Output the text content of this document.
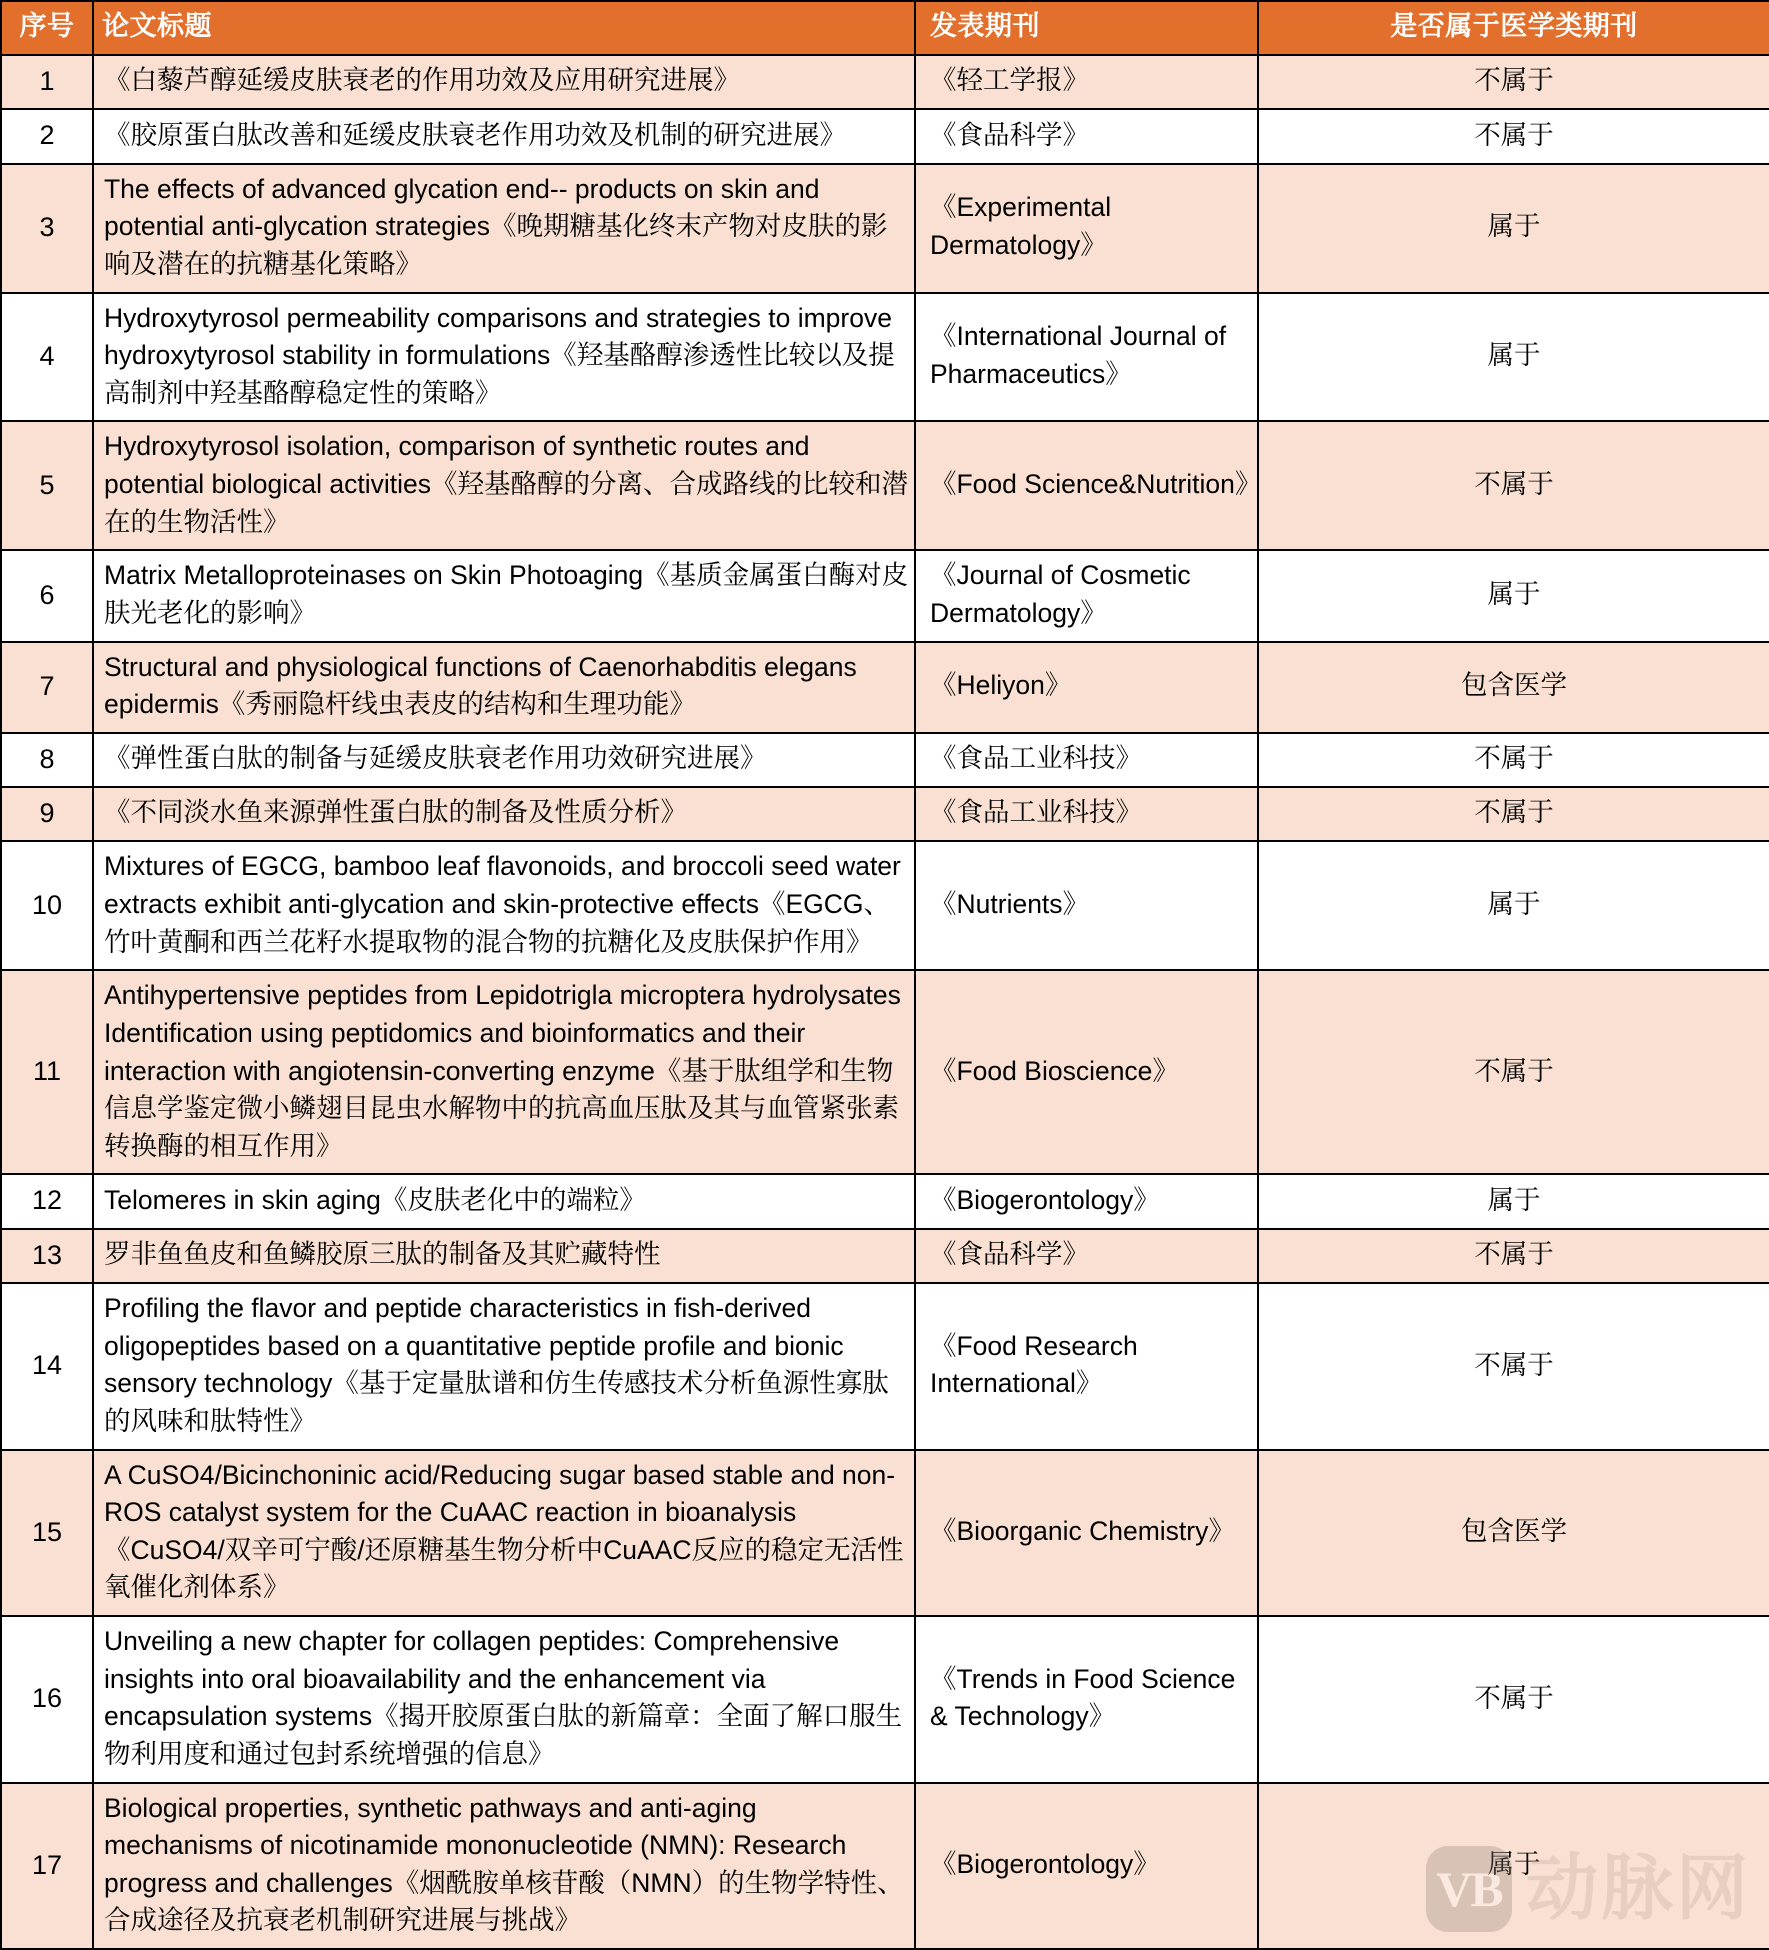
序号	论文标题	发表期刊	是否属于医学类期刊
1	《白藜芦醇延缓皮肤衰老的作用功效及应用研究进展》	《轻工学报》	不属于
2	《胶原蛋白肽改善和延缓皮肤衰老作用功效及机制的研究进展》	《食品科学》	不属于
3	The effects of advanced glycation end-- products on skin and potential anti-glycation strategies《晚期糖基化终末产物对皮肤的影响及潜在的抗糖基化策略》	《Experimental Dermatology》	属于
4	Hydroxytyrosol permeability comparisons and strategies to improve hydroxytyrosol stability in formulations《羟基酪醇渗透性比较以及提高制剂中羟基酪醇稳定性的策略》	《International Journal of Pharmaceutics》	属于
5	Hydroxytyrosol isolation, comparison of synthetic routes and potential biological activities《羟基酪醇的分离、合成路线的比较和潜在的生物活性》	《Food Science&Nutrition》	不属于
6	Matrix Metalloproteinases on Skin Photoaging《基质金属蛋白酶对皮肤光老化的影响》	《Journal of Cosmetic Dermatology》	属于
7	Structural and physiological functions of Caenorhabditis elegans epidermis《秀丽隐杆线虫表皮的结构和生理功能》	《Heliyon》	包含医学
8	《弹性蛋白肽的制备与延缓皮肤衰老作用功效研究进展》	《食品工业科技》	不属于
9	《不同淡水鱼来源弹性蛋白肽的制备及性质分析》	《食品工业科技》	不属于
10	Mixtures of EGCG, bamboo leaf flavonoids, and broccoli seed water extracts exhibit anti-glycation and skin-protective effects《EGCG、竹叶黄酮和西兰花籽水提取物的混合物的抗糖化及皮肤保护作用》	《Nutrients》	属于
11	Antihypertensive peptides from Lepidotrigla microptera hydrolysates Identification using peptidomics and bioinformatics and their interaction with angiotensin-converting enzyme《基于肽组学和生物信息学鉴定微小鳞翅目昆虫水解物中的抗高血压肽及其与血管紧张素转换酶的相互作用》	《Food Bioscience》	不属于
12	Telomeres in skin aging《皮肤老化中的端粒》	《Biogerontology》	属于
13	罗非鱼鱼皮和鱼鳞胶原三肽的制备及其贮藏特性	《食品科学》	不属于
14	Profiling the flavor and peptide characteristics in fish-derived oligopeptides based on a quantitative peptide profile and bionic sensory technology《基于定量肽谱和仿生传感技术分析鱼源性寡肽的风味和肽特性》	《Food Research International》	不属于
15	A CuSO4/Bicinchoninic acid/Reducing sugar based stable and non-ROS catalyst system for the CuAAC reaction in bioanalysis《CuSO4/双辛可宁酸/还原糖基生物分析中CuAAC反应的稳定无活性氧催化剂体系》	《Bioorganic Chemistry》	包含医学
16	Unveiling a new chapter for collagen peptides: Comprehensive insights into oral bioavailability and the enhancement via encapsulation systems《揭开胶原蛋白肽的新篇章：全面了解口服生物利用度和通过包封系统增强的信息》	《Trends in Food Science & Technology》	不属于
17	Biological properties, synthetic pathways and anti-aging mechanisms of nicotinamide mononucleotide (NMN): Research progress and challenges《烟酰胺单核苷酸（NMN）的生物学特性、合成途径及抗衰老机制研究进展与挑战》	《Biogerontology》	属于
VB 动脉网
